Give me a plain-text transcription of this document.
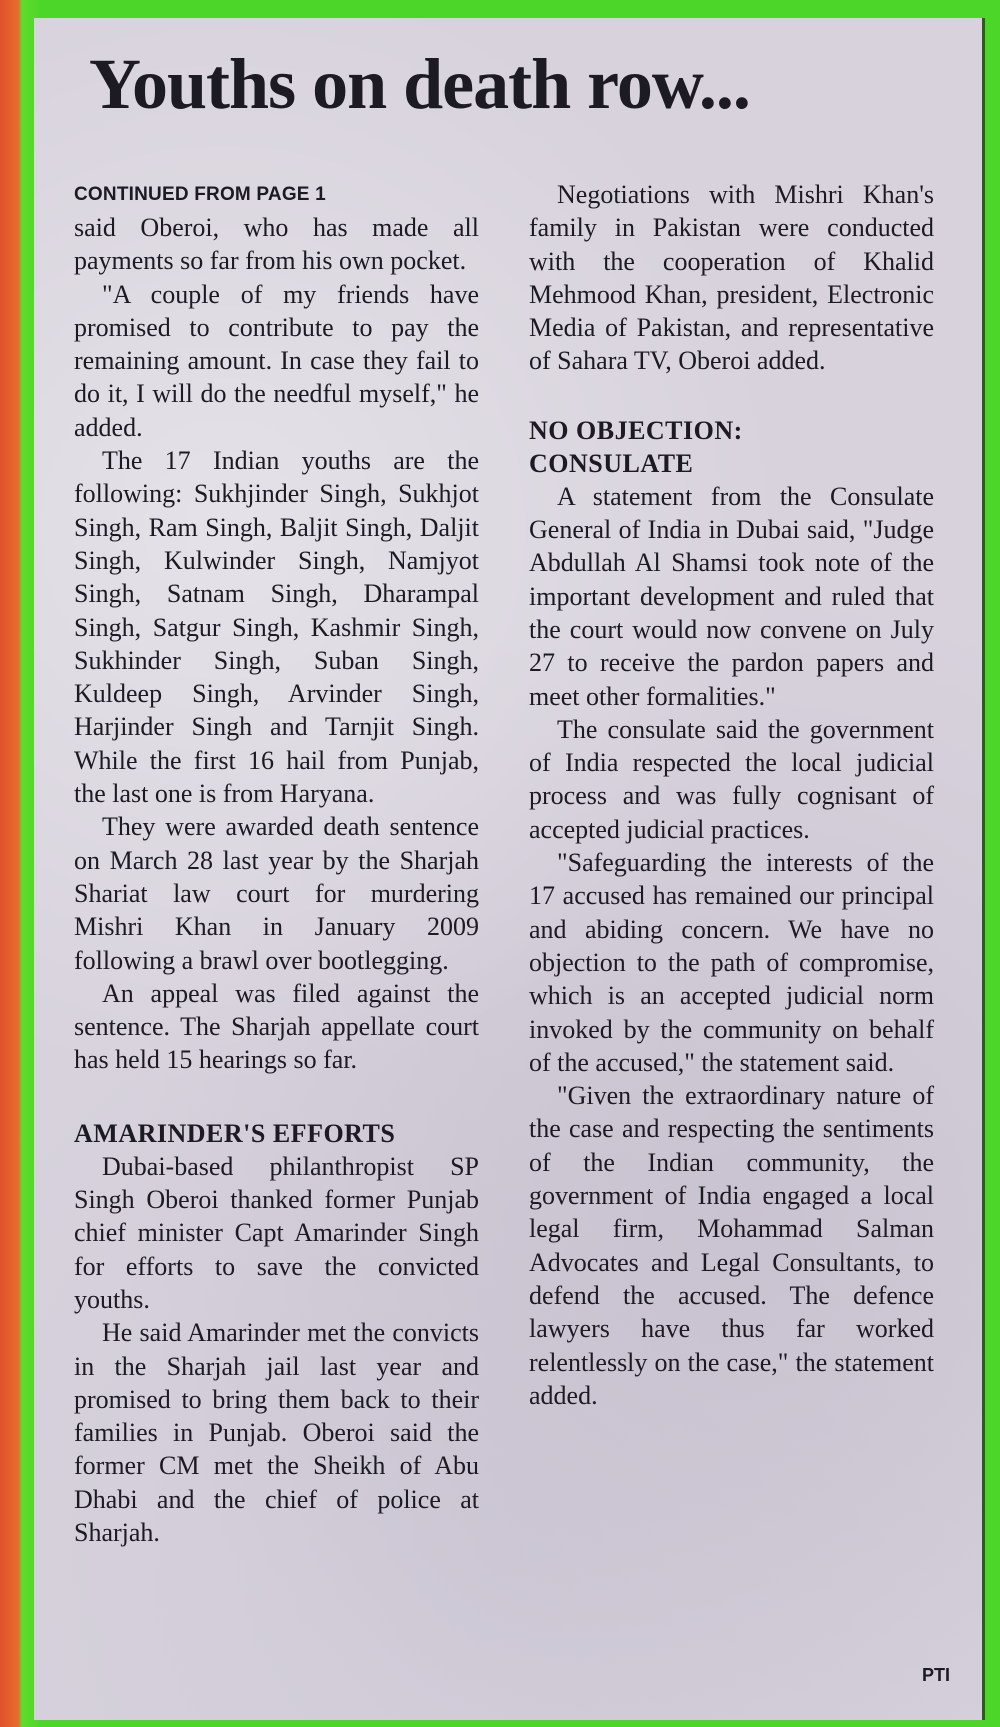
Youths on death row...
CONTINUED FROM PAGE 1

said Oberoi, who has made all payments so far from his own pocket.

"A couple of my friends have promised to contribute to pay the remaining amount. In case they fail to do it, I will do the needful myself," he added.

The 17 Indian youths are the following: Sukhjinder Singh, Sukhjot Singh, Ram Singh, Baljit Singh, Daljit Singh, Kulwinder Singh, Namjyot Singh, Satnam Singh, Dharampal Singh, Satgur Singh, Kashmir Singh, Sukhinder Singh, Suban Singh, Kuldeep Singh, Arvinder Singh, Harjinder Singh and Tarnjit Singh. While the first 16 hail from Punjab, the last one is from Haryana.

They were awarded death sentence on March 28 last year by the Sharjah Shariat law court for murdering Mishri Khan in January 2009 following a brawl over bootlegging.

An appeal was filed against the sentence. The Sharjah appellate court has held 15 hearings so far.

AMARINDER'S EFFORTS

Dubai-based philanthropist SP Singh Oberoi thanked former Punjab chief minister Capt Amarinder Singh for efforts to save the convicted youths.

He said Amarinder met the convicts in the Sharjah jail last year and promised to bring them back to their families in Punjab. Oberoi said the former CM met the Sheikh of Abu Dhabi and the chief of police at Sharjah.

Negotiations with Mishri Khan's family in Pakistan were conducted with the cooperation of Khalid Mehmood Khan, president, Electronic Media of Pakistan, and representative of Sahara TV, Oberoi added.

NO OBJECTION:
CONSULATE

A statement from the Consulate General of India in Dubai said, "Judge Abdullah Al Shamsi took note of the important development and ruled that the court would now convene on July 27 to receive the pardon papers and meet other formalities."

The consulate said the government of India respected the local judicial process and was fully cognisant of accepted judicial practices.

"Safeguarding the interests of the 17 accused has remained our principal and abiding concern. We have no objection to the path of compromise, which is an accepted judicial norm invoked by the community on behalf of the accused," the statement said.

"Given the extraordinary nature of the case and respecting the sentiments of the Indian community, the government of India engaged a local legal firm, Mohammad Salman Advocates and Legal Consultants, to defend the accused. The defence lawyers have thus far worked relentlessly on the case," the statement added.

PTI
